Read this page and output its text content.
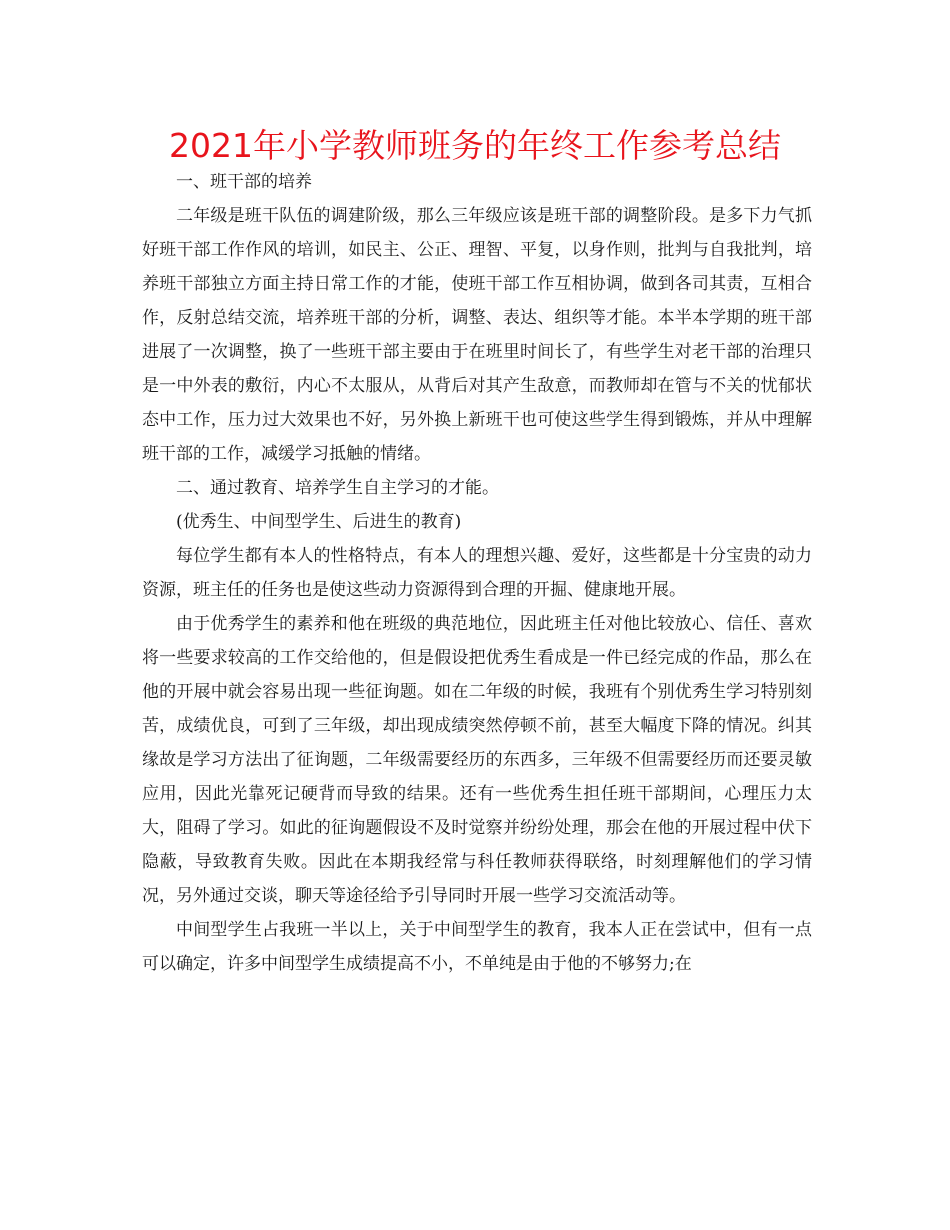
2021年小学教师班务的年终工作参考总结

一、班干部的培养

二年级是班干队伍的调建阶级，那么三年级应该是班干部的调整阶段。是多下力气抓好班干部工作作风的培训，如民主、公正、理智、平复，以身作则，批判与自我批判，培养班干部独立方面主持日常工作的才能，使班干部工作互相协调，做到各司其责，互相合作，反射总结交流，培养班干部的分析，调整、表达、组织等才能。本半本学期的班干部进展了一次调整，换了一些班干部主要由于在班里时间长了，有些学生对老干部的治理只是一中外表的敷衍，内心不太服从，从背后对其产生敌意，而教师却在管与不关的忧郁状态中工作，压力过大效果也不好，另外换上新班干也可使这些学生得到锻炼，并从中理解班干部的工作，减缓学习抵触的情绪。

二、通过教育、培养学生自主学习的才能。

(优秀生、中间型学生、后进生的教育)

每位学生都有本人的性格特点，有本人的理想兴趣、爱好，这些都是十分宝贵的动力资源，班主任的任务也是使这些动力资源得到合理的开掘、健康地开展。

由于优秀学生的素养和他在班级的典范地位，因此班主任对他比较放心、信任、喜欢将一些要求较高的工作交给他的，但是假设把优秀生看成是一件已经完成的作品，那么在他的开展中就会容易出现一些征询题。如在二年级的时候，我班有个别优秀生学习特别刻苦，成绩优良，可到了三年级，却出现成绩突然停顿不前，甚至大幅度下降的情况。纠其缘故是学习方法出了征询题，二年级需要经历的东西多，三年级不但需要经历而还要灵敏应用，因此光靠死记硬背而导致的结果。还有一些优秀生担任班干部期间，心理压力太大，阻碍了学习。如此的征询题假设不及时觉察并纷纷处理，那会在他的开展过程中伏下隐蔽，导致教育失败。因此在本期我经常与科任教师获得联络，时刻理解他们的学习情况，另外通过交谈，聊天等途径给予引导同时开展一些学习交流活动等。

中间型学生占我班一半以上，关于中间型学生的教育，我本人正在尝试中，但有一点可以确定，许多中间型学生成绩提高不小，不单纯是由于他的不够努力;在
